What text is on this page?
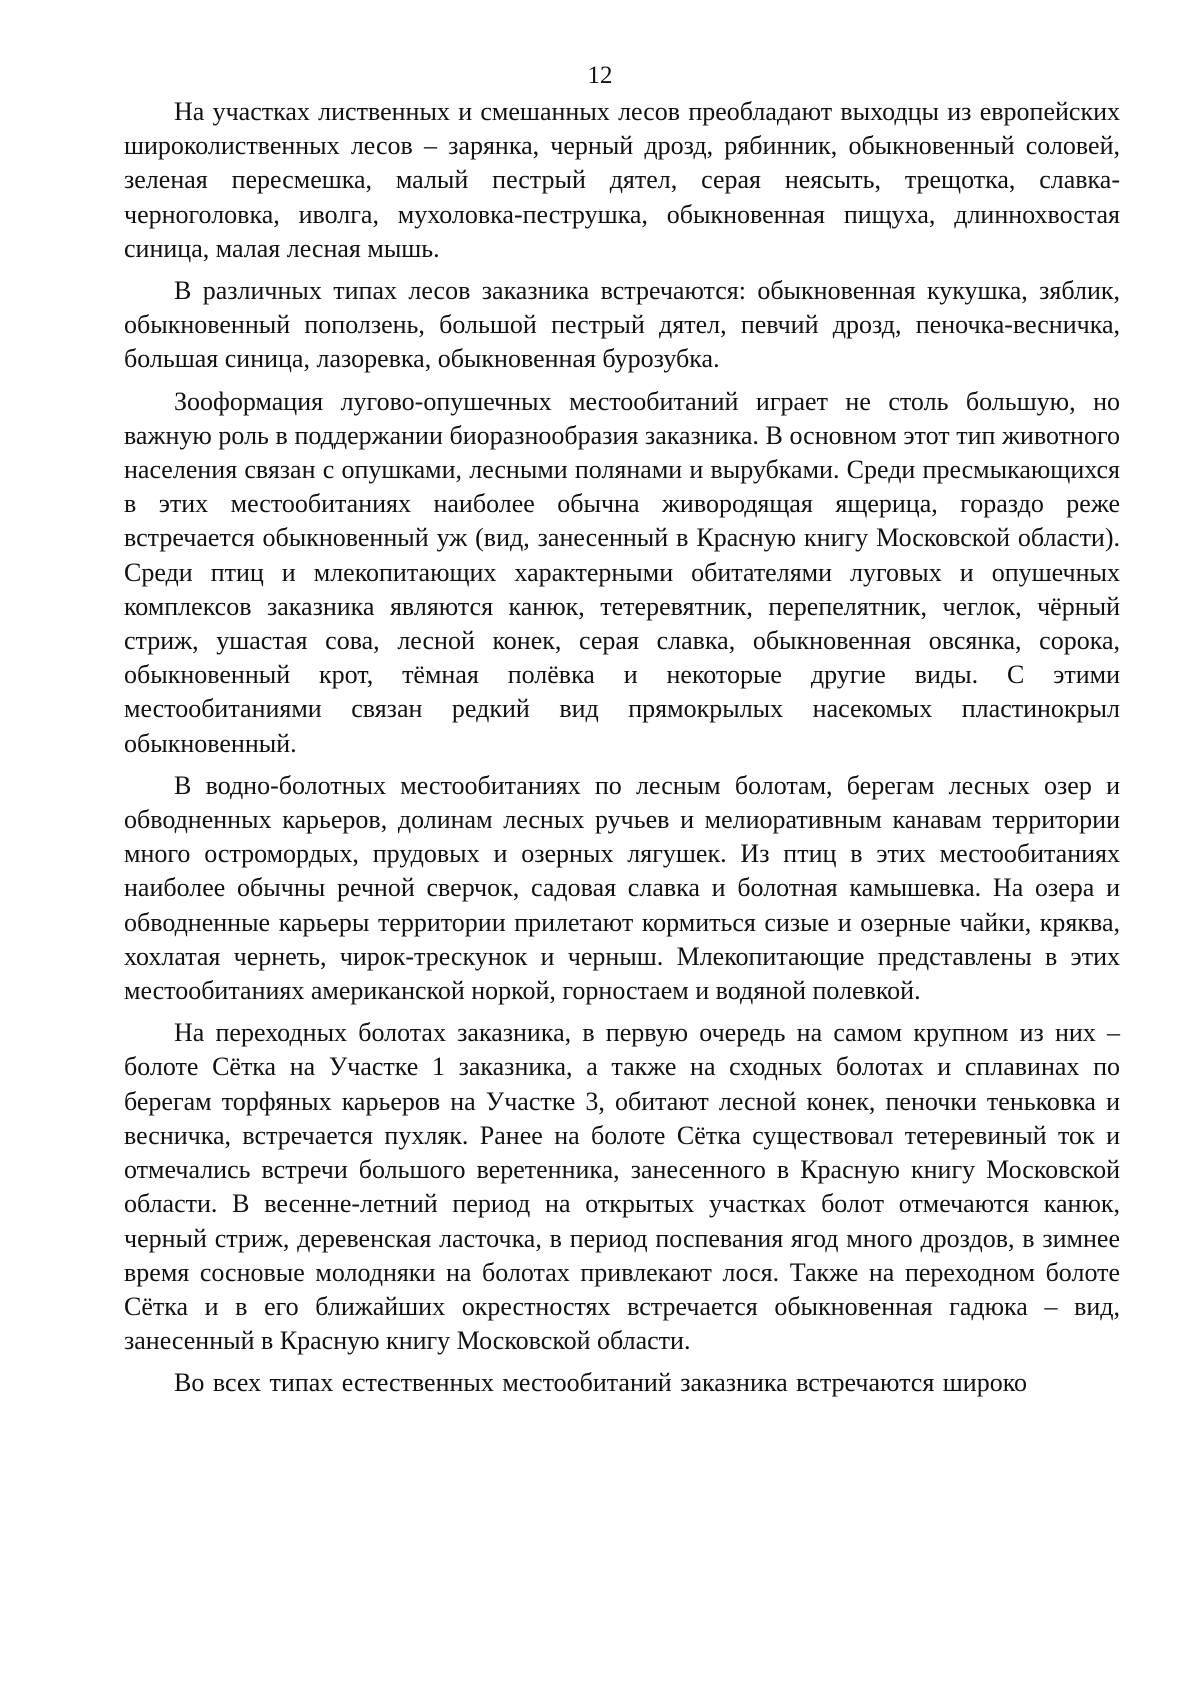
12

На участках лиственных и смешанных лесов преобладают выходцы из европейских широколиственных лесов – зарянка, черный дрозд, рябинник, обыкновенный соловей, зеленая пересмешка, малый пестрый дятел, серая неясыть, трещотка, славка-черноголовка, иволга, мухоловка-пеструшка, обыкновенная пищуха, длиннохвостая синица, малая лесная мышь.

В различных типах лесов заказника встречаются: обыкновенная кукушка, зяблик, обыкновенный поползень, большой пестрый дятел, певчий дрозд, пеночка-весничка, большая синица, лазоревка, обыкновенная бурозубка.

Зоoформация лугово-опушечных местообитаний играет не столь большую, но важную роль в поддержании биоразнообразия заказника. В основном этот тип животного населения связан с опушками, лесными полянами и вырубками. Среди пресмыкающихся в этих местообитаниях наиболее обычна живородящая ящерица, гораздо реже встречается обыкновенный уж (вид, занесенный в Красную книгу Московской области). Среди птиц и млекопитающих характерными обитателями луговых и опушечных комплексов заказника являются канюк, тетеревятник, перепелятник, чеглок, чёрный стриж, ушастая сова, лесной конек, серая славка, обыкновенная овсянка, сорока, обыкновенный крот, тёмная полёвка и некоторые другие виды. С этими местообитаниями связан редкий вид прямокрылых насекомых пластинокрыл обыкновенный.

В водно-болотных местообитаниях по лесным болотам, берегам лесных озер и обводненных карьеров, долинам лесных ручьев и мелиоративным канавам территории много остромордых, прудовых и озерных лягушек. Из птиц в этих местообитаниях наиболее обычны речной сверчок, садовая славка и болотная камышевка. На озера и обводненные карьеры территории прилетают кормиться сизые и озерные чайки, кряква, хохлатая чернеть, чирок-трескунок и черныш. Млекопитающие представлены в этих местообитаниях американской норкой, горностаем и водяной полевкой.

На переходных болотах заказника, в первую очередь на самом крупном из них – болоте Сётка на Участке 1 заказника, а также на сходных болотах и сплавинах по берегам торфяных карьеров на Участке 3, обитают лесной конек, пеночки теньковка и весничка, встречается пухляк. Ранее на болоте Сётка существовал тетеревиный ток и отмечались встречи большого веретенника, занесенного в Красную книгу Московской области. В весенне-летний период на открытых участках болот отмечаются канюк, черный стриж, деревенская ласточка, в период поспевания ягод много дроздов, в зимнее время сосновые молодняки на болотах привлекают лося. Также на переходном болоте Сётка и в его ближайших окрестностях встречается обыкновенная гадюка – вид, занесенный в Красную книгу Московской области.

Во всех типах естественных местообитаний заказника встречаются широко
